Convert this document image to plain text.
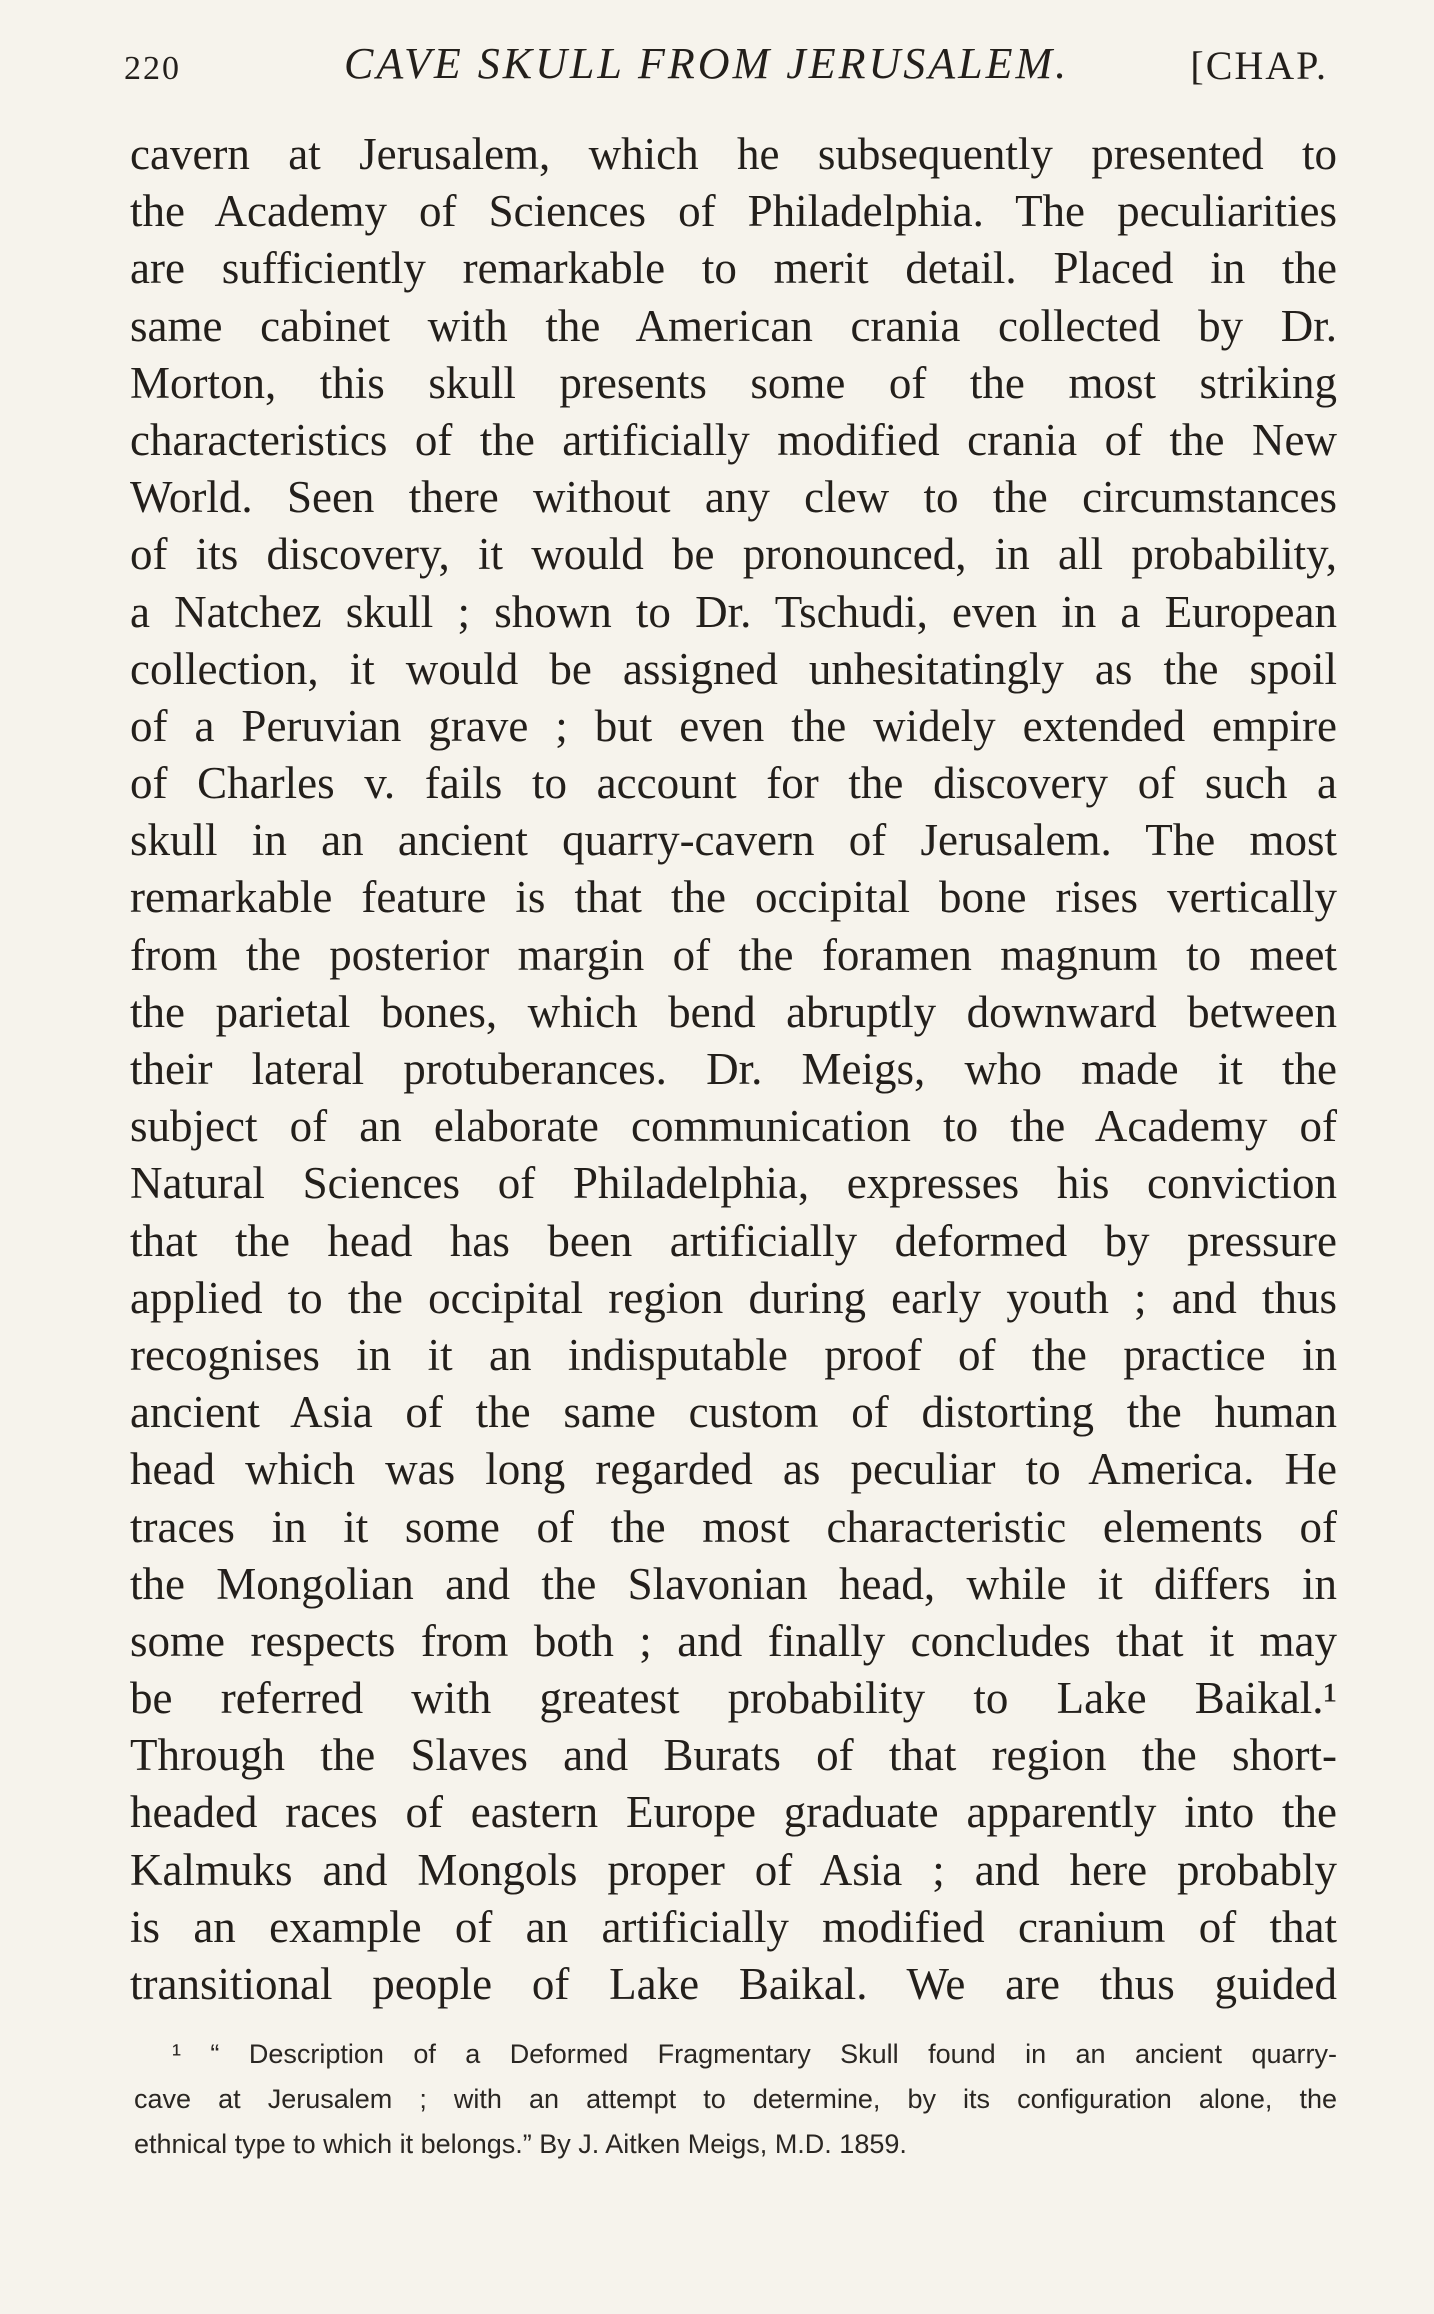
220	CAVE SKULL FROM JERUSALEM.	[CHAP.
cavern at Jerusalem, which he subsequently presented to
the Academy of Sciences of Philadelphia. The peculiarities
are sufficiently remarkable to merit detail. Placed in the
same cabinet with the American crania collected by Dr.
Morton, this skull presents some of the most striking
characteristics of the artificially modified crania of the New
World. Seen there without any clew to the circumstances
of its discovery, it would be pronounced, in all probability,
a Natchez skull ; shown to Dr. Tschudi, even in a European
collection, it would be assigned unhesitatingly as the spoil
of a Peruvian grave ; but even the widely extended empire
of Charles v. fails to account for the discovery of such a
skull in an ancient quarry-cavern of Jerusalem. The most
remarkable feature is that the occipital bone rises vertically
from the posterior margin of the foramen magnum to meet
the parietal bones, which bend abruptly downward between
their lateral protuberances. Dr. Meigs, who made it the
subject of an elaborate communication to the Academy of
Natural Sciences of Philadelphia, expresses his conviction
that the head has been artificially deformed by pressure
applied to the occipital region during early youth ; and thus
recognises in it an indisputable proof of the practice in
ancient Asia of the same custom of distorting the human
head which was long regarded as peculiar to America. He
traces in it some of the most characteristic elements of
the Mongolian and the Slavonian head, while it differs in
some respects from both ; and finally concludes that it may
be referred with greatest probability to Lake Baikal.¹
Through the Slaves and Burats of that region the short-
headed races of eastern Europe graduate apparently into the
Kalmuks and Mongols proper of Asia ; and here probably
is an example of an artificially modified cranium of that
transitional people of Lake Baikal. We are thus guided
¹ “ Description of a Deformed Fragmentary Skull found in an ancient quarry-
cave at Jerusalem ; with an attempt to determine, by its configuration alone, the
ethnical type to which it belongs.” By J. Aitken Meigs, M.D. 1859.
